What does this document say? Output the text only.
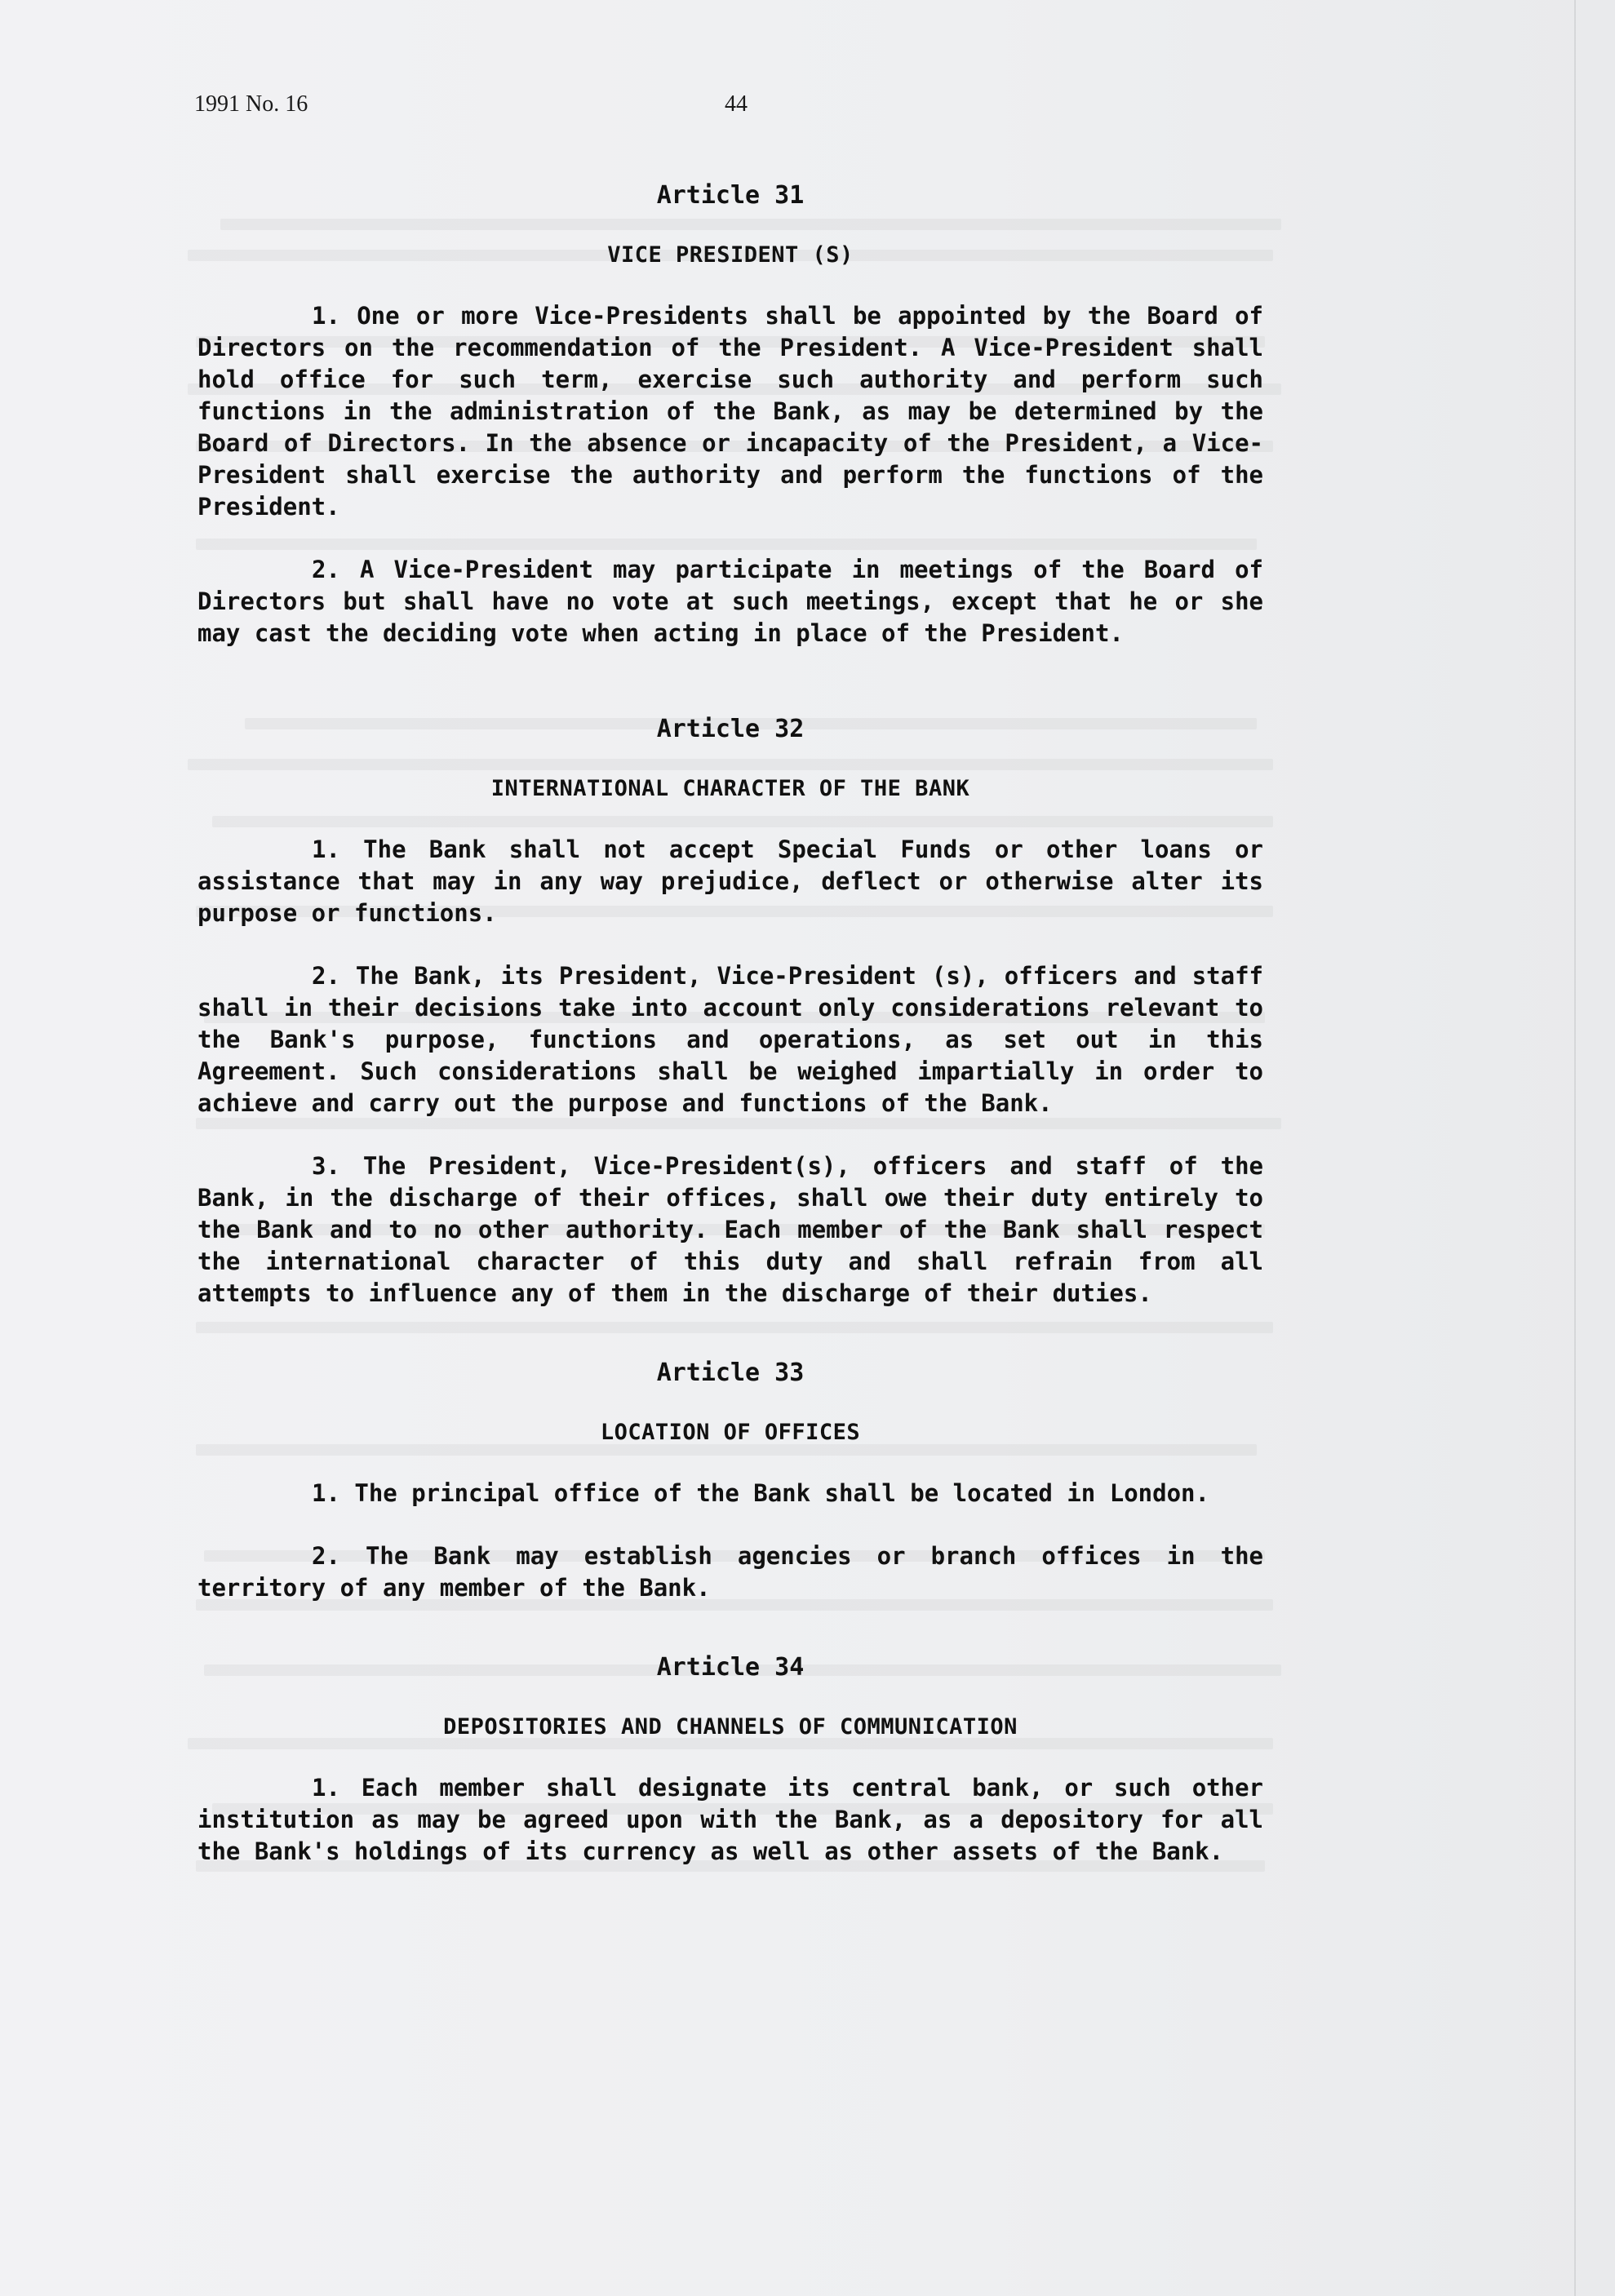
1991 No. 16	44
Article 31
VICE PRESIDENT (S)

1. One or more Vice-Presidents shall be appointed by the Board of Directors on the recommendation of the President. A Vice-President shall hold office for such term, exercise such authority and perform such functions in the administration of the Bank, as may be determined by the Board of Directors. In the absence or incapacity of the President, a Vice-President shall exercise the authority and perform the functions of the President.

2. A Vice-President may participate in meetings of the Board of Directors but shall have no vote at such meetings, except that he or she may cast the deciding vote when acting in place of the President.

Article 32
INTERNATIONAL CHARACTER OF THE BANK

1. The Bank shall not accept Special Funds or other loans or assistance that may in any way prejudice, deflect or otherwise alter its purpose or functions.

2. The Bank, its President, Vice-President (s), officers and staff shall in their decisions take into account only considerations relevant to the Bank's purpose, functions and operations, as set out in this Agreement. Such considerations shall be weighed impartially in order to achieve and carry out the purpose and functions of the Bank.

3. The President, Vice-President(s), officers and staff of the Bank, in the discharge of their offices, shall owe their duty entirely to the Bank and to no other authority. Each member of the Bank shall respect the international character of this duty and shall refrain from all attempts to influence any of them in the discharge of their duties.

Article 33
LOCATION OF OFFICES

1. The principal office of the Bank shall be located in London.

2. The Bank may establish agencies or branch offices in the territory of any member of the Bank.

Article 34
DEPOSITORIES AND CHANNELS OF COMMUNICATION

1. Each member shall designate its central bank, or such other institution as may be agreed upon with the Bank, as a depository for all the Bank's holdings of its currency as well as other assets of the Bank.
